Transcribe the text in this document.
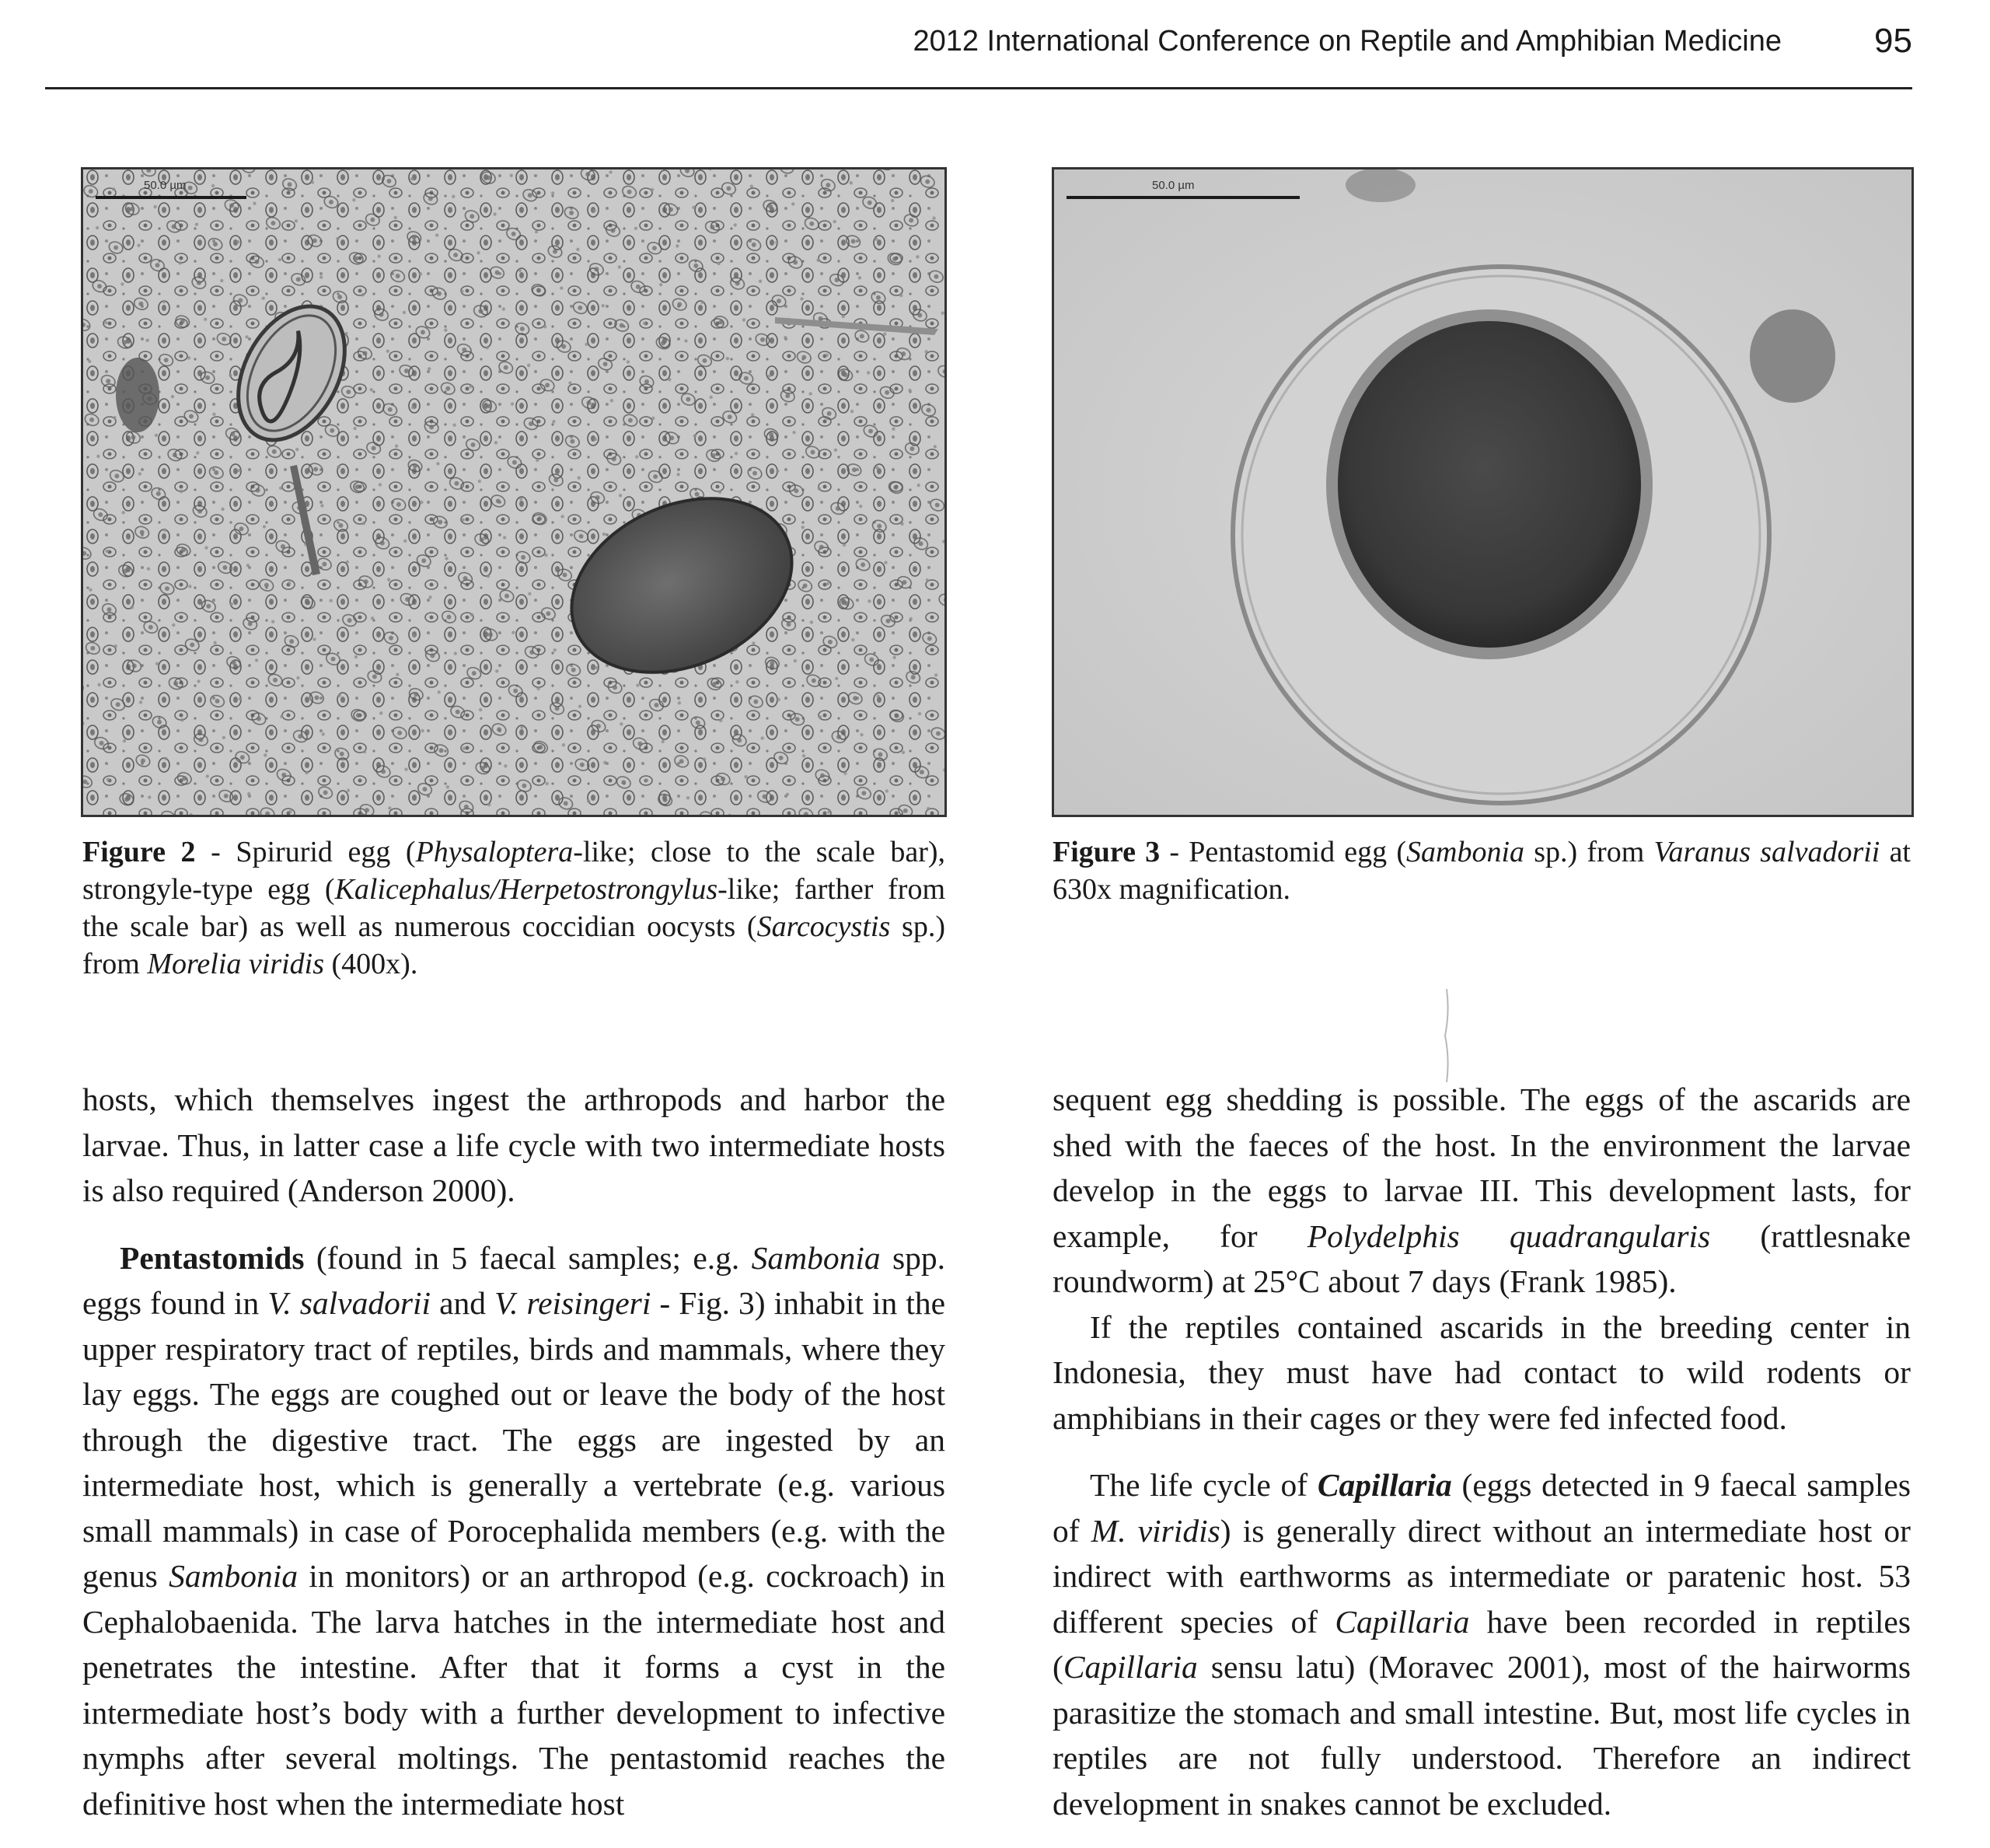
2012 International Conference on Reptile and Amphibian Medicine	95
50.0 µm	50.0 µm
Figure 2 - Spirurid egg (Physaloptera-like; close to the scale bar), strongyle-type egg (Kalicephalus/Herpetostrongylus-like; farther from the scale bar) as well as numerous coccidian oocysts (Sarcocystis sp.) from Morelia viridis (400x).
Figure 3 - Pentastomid egg (Sambonia sp.) from Varanus salvadorii at 630x magnification.

hosts, which themselves ingest the arthropods and harbor the larvae. Thus, in latter case a life cycle with two intermediate hosts is also required (Anderson 2000).

Pentastomids (found in 5 faecal samples; e.g. Sambonia spp. eggs found in V. salvadorii and V. reisingeri - Fig. 3) inhabit in the upper respiratory tract of reptiles, birds and mammals, where they lay eggs. The eggs are coughed out or leave the body of the host through the digestive tract. The eggs are ingested by an intermediate host, which is generally a vertebrate (e.g. various small mammals) in case of Porocephalida members (e.g. with the genus Sambonia in monitors) or an arthropod (e.g. cockroach) in Cephalobaenida. The larva hatches in the intermediate host and penetrates the intestine. After that it forms a cyst in the intermediate host’s body with a further development to infective nymphs after several moltings. The pentastomid reaches the definitive host when the intermediate host

sequent egg shedding is possible. The eggs of the ascarids are shed with the faeces of the host. In the environment the larvae develop in the eggs to larvae III. This development lasts, for example, for Polydelphis quadrangularis (rattlesnake roundworm) at 25°C about 7 days (Frank 1985).

If the reptiles contained ascarids in the breeding center in Indonesia, they must have had contact to wild rodents or amphibians in their cages or they were fed infected food.

The life cycle of Capillaria (eggs detected in 9 faecal samples of M. viridis) is generally direct without an intermediate host or indirect with earthworms as intermediate or paratenic host. 53 different species of Capillaria have been recorded in reptiles (Capillaria sensu latu) (Moravec 2001), most of the hairworms parasitize the stomach and small intestine. But, most life cycles in reptiles are not fully understood. Therefore an indirect development in snakes cannot be excluded.
